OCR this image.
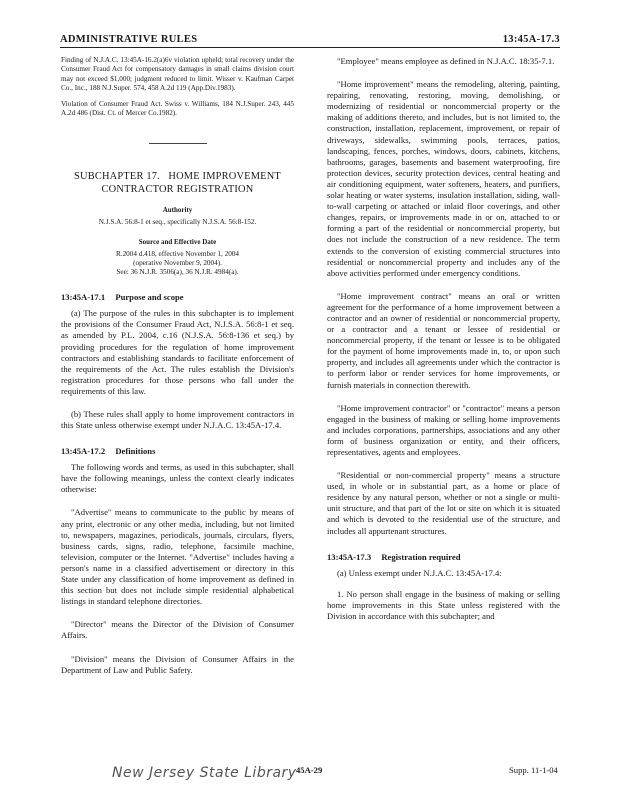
ADMINISTRATIVE RULES	13:45A-17.3

Finding of N.J.A.C. 13:45A-16.2(a)6v violation upheld; total recovery under the Consumer Fraud Act for compensatory damages in small claims division court may not exceed $1,000; judgment reduced to limit. Wisser v. Kaufman Carpet Co., Inc., 188 N.J.Super. 574, 458 A.2d 119 (App.Div.1983).

Violation of Consumer Fraud Act. Swiss v. Williams, 184 N.J.Super. 243, 445 A.2d 486 (Dist. Ct. of Mercer Co.1982).

SUBCHAPTER 17.   HOME IMPROVEMENT
CONTRACTOR REGISTRATION
Authority
N.J.S.A. 56:8-1 et seq., specifically N.J.S.A. 56:8-152.
Source and Effective Date
R.2004 d.418, effective November 1, 2004
(operative November 9, 2004).
See: 36 N.J.R. 3506(a), 36 N.J.R. 4984(a).
13:45A-17.1 Purpose and scope

(a) The purpose of the rules in this subchapter is to implement the provisions of the Consumer Fraud Act, N.J.S.A. 56:8-1 et seq. as amended by P.L. 2004, c.16 (N.J.S.A. 56:8-136 et seq.) by providing procedures for the regulation of home improvement contractors and establishing standards to facilitate enforcement of the requirements of the Act. The rules establish the Division's registration procedures for those persons who fall under the requirements of this law.

(b) These rules shall apply to home improvement contractors in this State unless otherwise exempt under N.J.A.C. 13:45A-17.4.

13:45A-17.2 Definitions

The following words and terms, as used in this subchapter, shall have the following meanings, unless the context clearly indicates otherwise:

"Advertise" means to communicate to the public by means of any print, electronic or any other media, including, but not limited to, newspapers, magazines, periodicals, journals, circulars, flyers, business cards, signs, radio, telephone, facsimile machine, television, computer or the Internet. "Advertise" includes having a person's name in a classified advertisement or directory in this State under any classification of home improvement as defined in this section but does not include simple residential alphabetical listings in standard telephone directories.

"Director" means the Director of the Division of Consumer Affairs.

"Division" means the Division of Consumer Affairs in the Department of Law and Public Safety.

"Employee" means employee as defined in N.J.A.C. 18:35-7.1.

"Home improvement" means the remodeling, altering, painting, repairing, renovating, restoring, moving, demolishing, or modernizing of residential or noncommercial property or the making of additions thereto, and includes, but is not limited to, the construction, installation, replacement, improvement, or repair of driveways, sidewalks, swimming pools, terraces, patios, landscaping, fences, porches, windows, doors, cabinets, kitchens, bathrooms, garages, basements and basement waterproofing, fire protection devices, security protection devices, central heating and air conditioning equipment, water softeners, heaters, and purifiers, solar heating or water systems, insulation installation, siding, wall-to-wall carpeting or attached or inlaid floor coverings, and other changes, repairs, or improvements made in or on, attached to or forming a part of the residential or noncommercial property, but does not include the construction of a new residence. The term extends to the conversion of existing commercial structures into residential or noncommercial property and includes any of the above activities performed under emergency conditions.

"Home improvement contract" means an oral or written agreement for the performance of a home improvement between a contractor and an owner of residential or noncommercial property, or a contractor and a tenant or lessee of residential or noncommercial property, if the tenant or lessee is to be obligated for the payment of home improvements made in, to, or upon such property, and includes all agreements under which the contractor is to perform labor or render services for home improvements, or furnish materials in connection therewith.

"Home improvement contractor" or "contractor" means a person engaged in the business of making or selling home improvements and includes corporations, partnerships, associations and any other form of business organization or entity, and their officers, representatives, agents and employees.

"Residential or non-commercial property" means a structure used, in whole or in substantial part, as a home or place of residence by any natural person, whether or not a single or multi-unit structure, and that part of the lot or site on which it is situated and which is devoted to the residential use of the structure, and includes all appurtenant structures.

13:45A-17.3 Registration required

(a) Unless exempt under N.J.A.C. 13:45A-17.4:

1. No person shall engage in the business of making or selling home improvements in this State unless registered with the Division in accordance with this subchapter; and

New Jersey State Library 45A-29	Supp. 11-1-04
